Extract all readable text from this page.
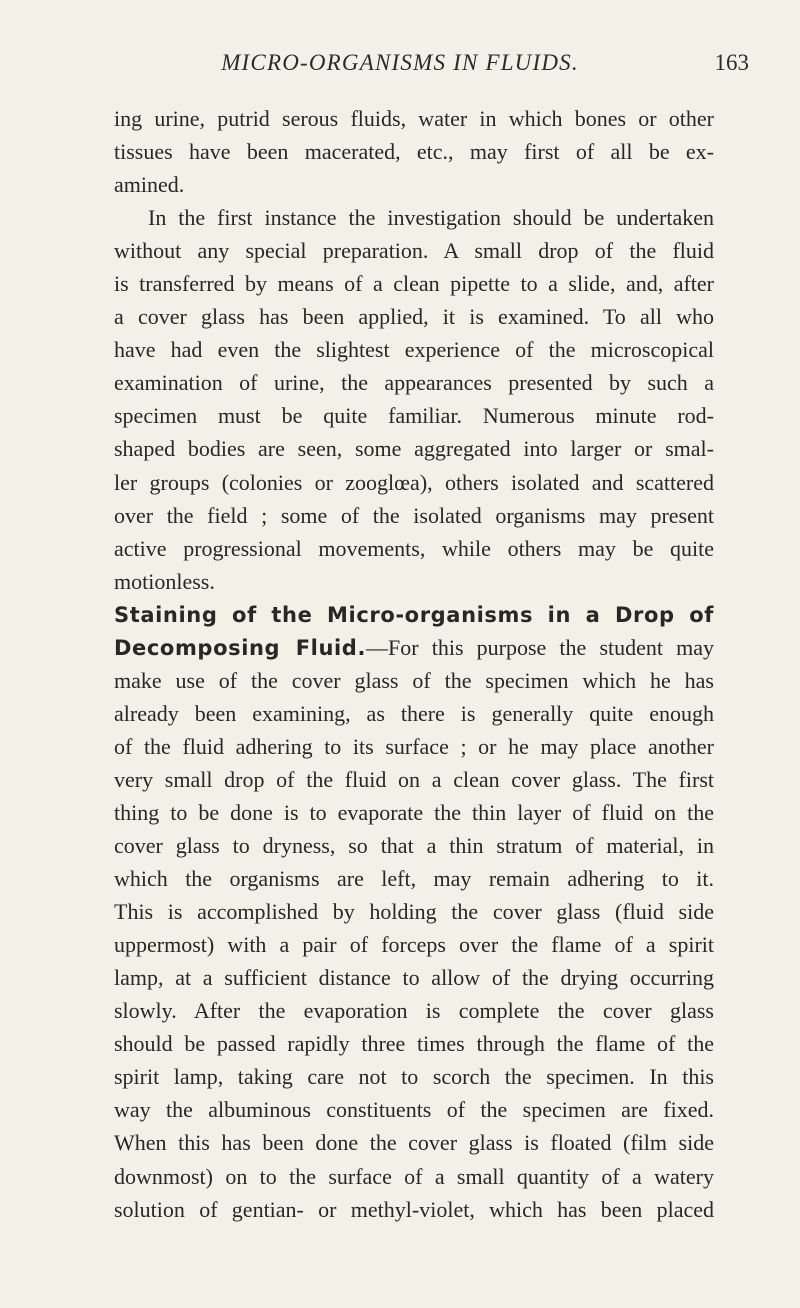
MICRO-ORGANISMS IN FLUIDS.	163
ing urine, putrid serous fluids, water in which bones or other
tissues have been macerated, etc., may first of all be ex-
amined.
In the first instance the investigation should be undertaken
without any special preparation. A small drop of the fluid
is transferred by means of a clean pipette to a slide, and, after
a cover glass has been applied, it is examined. To all who
have had even the slightest experience of the microscopical
examination of urine, the appearances presented by such a
specimen must be quite familiar. Numerous minute rod-
shaped bodies are seen, some aggregated into larger or smal-
ler groups (colonies or zooglœa), others isolated and scattered
over the field ; some of the isolated organisms may present
active progressional movements, while others may be quite
motionless.
Staining of the Micro-organisms in a Drop of
Decomposing Fluid.—For this purpose the student may
make use of the cover glass of the specimen which he has
already been examining, as there is generally quite enough
of the fluid adhering to its surface ; or he may place another
very small drop of the fluid on a clean cover glass. The first
thing to be done is to evaporate the thin layer of fluid on the
cover glass to dryness, so that a thin stratum of material, in
which the organisms are left, may remain adhering to it.
This is accomplished by holding the cover glass (fluid side
uppermost) with a pair of forceps over the flame of a spirit
lamp, at a sufficient distance to allow of the drying occurring
slowly. After the evaporation is complete the cover glass
should be passed rapidly three times through the flame of the
spirit lamp, taking care not to scorch the specimen. In this
way the albuminous constituents of the specimen are fixed.
When this has been done the cover glass is floated (film side
downmost) on to the surface of a small quantity of a watery
solution of gentian- or methyl-violet, which has been placed
